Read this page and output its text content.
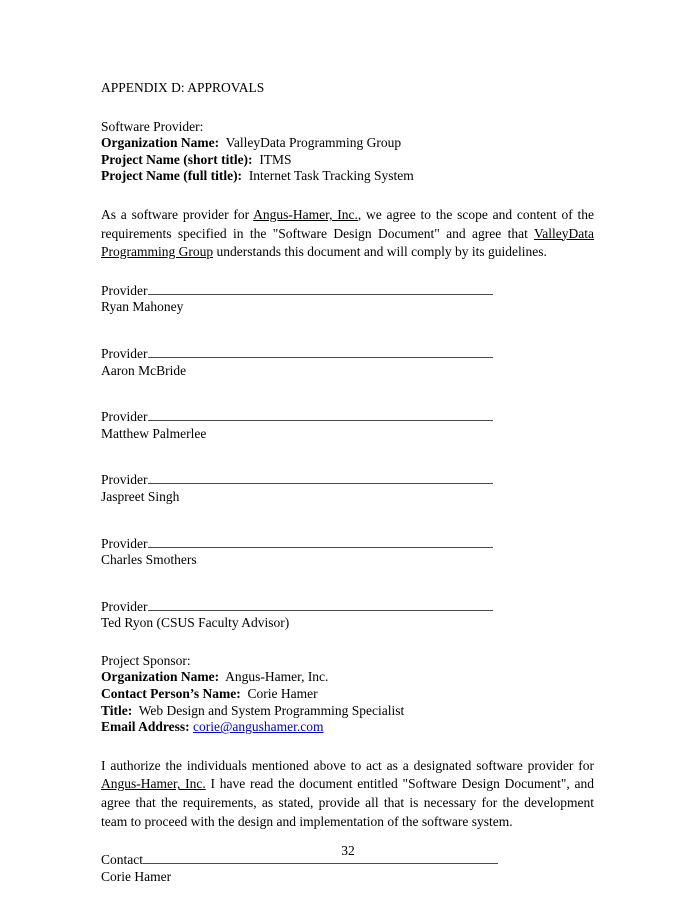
APPENDIX D: APPROVALS
Software Provider:
Organization Name: ValleyData Programming Group
Project Name (short title): ITMS
Project Name (full title): Internet Task Tracking System

As a software provider for Angus-Hamer, Inc., we agree to the scope and content of the requirements specified in the "Software Design Document" and agree that ValleyData Programming Group understands this document and will comply by its guidelines.

Provider
Ryan Mahoney
Provider
Aaron McBride
Provider
Matthew Palmerlee
Provider
Jaspreet Singh
Provider
Charles Smothers
Provider
Ted Ryon (CSUS Faculty Advisor)
Project Sponsor:
Organization Name: Angus-Hamer, Inc.
Contact Person’s Name: Corie Hamer
Title: Web Design and System Programming Specialist
Email Address: corie@angushamer.com

I authorize the individuals mentioned above to act as a designated software provider for Angus-Hamer, Inc. I have read the document entitled "Software Design Document", and agree that the requirements, as stated, provide all that is necessary for the development team to proceed with the design and implementation of the software system.

Contact
Corie Hamer
32
